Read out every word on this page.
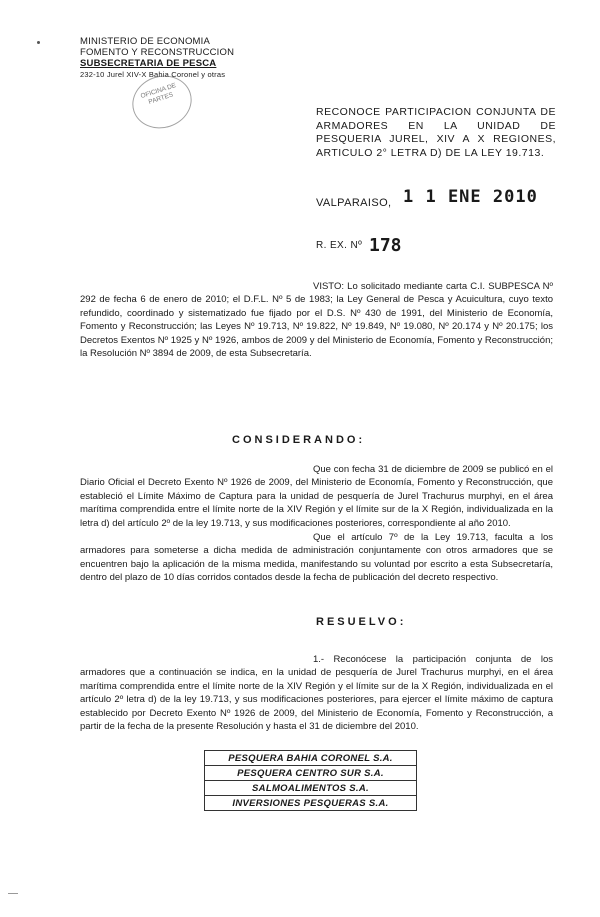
MINISTERIO DE ECONOMIA
FOMENTO Y RECONSTRUCCION
SUBSECRETARIA DE PESCA
232-10 Jurel XIV-X Bahia Coronel y otras
OFICINA DE PARTES
RECONOCE PARTICIPACION CONJUNTA DE ARMADORES EN LA UNIDAD DE PESQUERIA JUREL, XIV A X REGIONES, ARTICULO 2° LETRA D) DE LA LEY 19.713.
VALPARAISO, 1 1 ENE 2010
R. EX. Nº 178
VISTO: Lo solicitado mediante carta C.I. SUBPESCA Nº 292 de fecha 6 de enero de 2010; el D.F.L. Nº 5 de 1983; la Ley General de Pesca y Acuicultura, cuyo texto refundido, coordinado y sistematizado fue fijado por el D.S. Nº 430 de 1991, del Ministerio de Economía, Fomento y Reconstrucción; las Leyes Nº 19.713, Nº 19.822, Nº 19.849, Nº 19.080, Nº 20.174 y Nº 20.175; los Decretos Exentos Nº 1925 y Nº 1926, ambos de 2009 y del Ministerio de Economía, Fomento y Reconstrucción; la Resolución Nº 3894 de 2009, de esta Subsecretaría.
CONSIDERANDO:
Que con fecha 31 de diciembre de 2009 se publicó en el Diario Oficial el Decreto Exento Nº 1926 de 2009, del Ministerio de Economía, Fomento y Reconstrucción, que estableció el Límite Máximo de Captura para la unidad de pesquería de Jurel Trachurus murphyi, en el área marítima comprendida entre el límite norte de la XIV Región y el límite sur de la X Región, individualizada en la letra d) del artículo 2º de la ley 19.713, y sus modificaciones posteriores, correspondiente al año 2010.
Que el artículo 7º de la Ley 19.713, faculta a los armadores para someterse a dicha medida de administración conjuntamente con otros armadores que se encuentren bajo la aplicación de la misma medida, manifestando su voluntad por escrito a esta Subsecretaría, dentro del plazo de 10 días corridos contados desde la fecha de publicación del decreto respectivo.
RESUELVO:
1.- Reconócese la participación conjunta de los armadores que a continuación se indica, en la unidad de pesquería de Jurel Trachurus murphyi, en el área marítima comprendida entre el límite norte de la XIV Región y el límite sur de la X Región, individualizada en el artículo 2º letra d) de la ley 19.713, y sus modificaciones posteriores, para ejercer el límite máximo de captura establecido por Decreto Exento Nº 1926 de 2009, del Ministerio de Economía, Fomento y Reconstrucción, a partir de la fecha de la presente Resolución y hasta el 31 de diciembre del 2010.
PESQUERA BAHIA CORONEL S.A.
PESQUERA CENTRO SUR S.A.
SALMOALIMENTOS S.A.
INVERSIONES PESQUERAS S.A.
